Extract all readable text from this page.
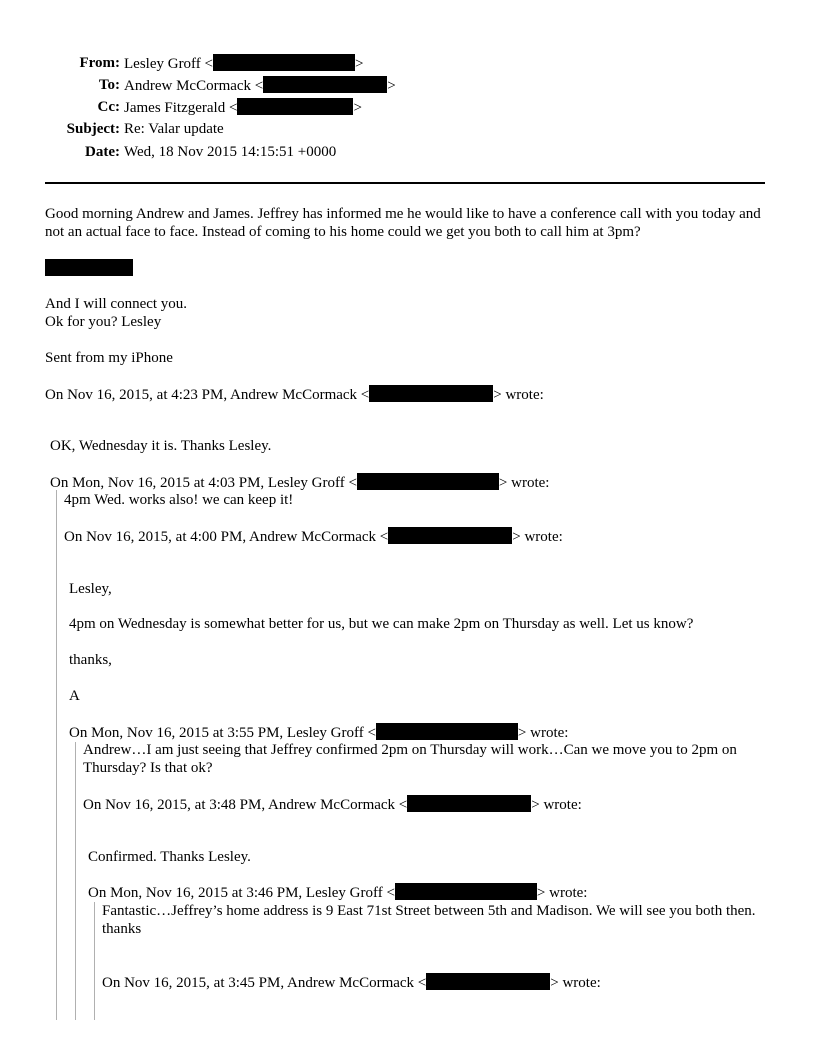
From: Lesley Groff <	>
To: Andrew McCormack <	>
Cc: James Fitzgerald <	>
Subject: Re: Valar update
Date: Wed, 18 Nov 2015 14:15:51 +0000
Good morning Andrew and James. Jeffrey has informed me he would like to have a conference call with you today and not an actual face to face. Instead of coming to his home could we get you both to call him at 3pm?
And I will connect you.
Ok for you? Lesley
Sent from my iPhone
On Nov 16, 2015, at 4:23 PM, Andrew McCormack <	> wrote:
OK, Wednesday it is. Thanks Lesley.
On Mon, Nov 16, 2015 at 4:03 PM, Lesley Groff <	> wrote:
4pm Wed. works also! we can keep it!
On Nov 16, 2015, at 4:00 PM, Andrew McCormack <	> wrote:
Lesley,
4pm on Wednesday is somewhat better for us, but we can make 2pm on Thursday as well. Let us know?
thanks,
A
On Mon, Nov 16, 2015 at 3:55 PM, Lesley Groff <	> wrote:
Andrew…I am just seeing that Jeffrey confirmed 2pm on Thursday will work…Can we move you to 2pm on Thursday? Is that ok?
On Nov 16, 2015, at 3:48 PM, Andrew McCormack <	> wrote:
Confirmed. Thanks Lesley.
On Mon, Nov 16, 2015 at 3:46 PM, Lesley Groff <	> wrote:
Fantastic…Jeffrey’s home address is 9 East 71st Street between 5th and Madison. We will see you both then. thanks
On Nov 16, 2015, at 3:45 PM, Andrew McCormack <	> wrote:
